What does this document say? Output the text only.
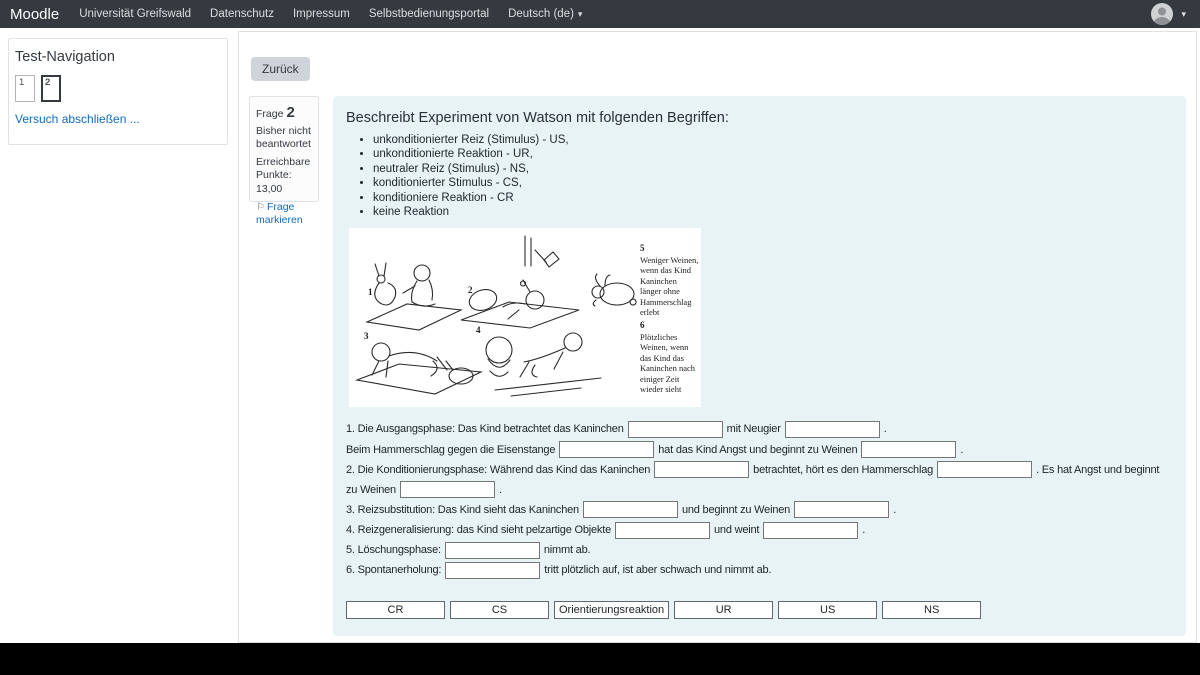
Moodle Universität Greifswald Datenschutz Impressum Selbstbedienungsportal Deutsch (de) ▾	▾
Test-Navigation
1	2
Versuch abschließen ...
Zurück
Frage 2
Bisher nicht beantwortet
Erreichbare Punkte: 13,00
⚐ Frage markieren
Beschreibt Experiment von Watson mit folgenden Begriffen:
• unkonditionierter Reiz (Stimulus) - US,
• unkonditionierte Reaktion - UR,
• neutraler Reiz (Stimulus) - NS,
• konditionierter Stimulus - CS,
• konditioniere Reaktion - CR
• keine Reaktion
1	2
3
4
5
Weniger Weinen, wenn das Kind Kaninchen länger ohne Hammerschlag erlebt
6
Plötzliches Weinen, wenn das Kind das Kaninchen nach einiger Zeit wieder sieht
1. Die Ausgangsphase: Das Kind betrachtet das Kaninchen	mit Neugier	.
Beim Hammerschlag gegen die Eisenstange	hat das Kind Angst und beginnt zu Weinen	.
2. Die Konditionierungsphase: Während das Kind das Kaninchen	betrachtet, hört es den Hammerschlag	. Es hat Angst und beginnt zu Weinen	.
3. Reizsubstitution: Das Kind sieht das Kaninchen	und beginnt zu Weinen	.
4. Reizgeneralisierung: das Kind sieht pelzartige Objekte	und weint	.
5. Löschungsphase:	nimmt ab.
6. Spontanerholung:	tritt plötzlich auf, ist aber schwach und nimmt ab.
CR	CS	Orientierungsreaktion	UR	US	NS
